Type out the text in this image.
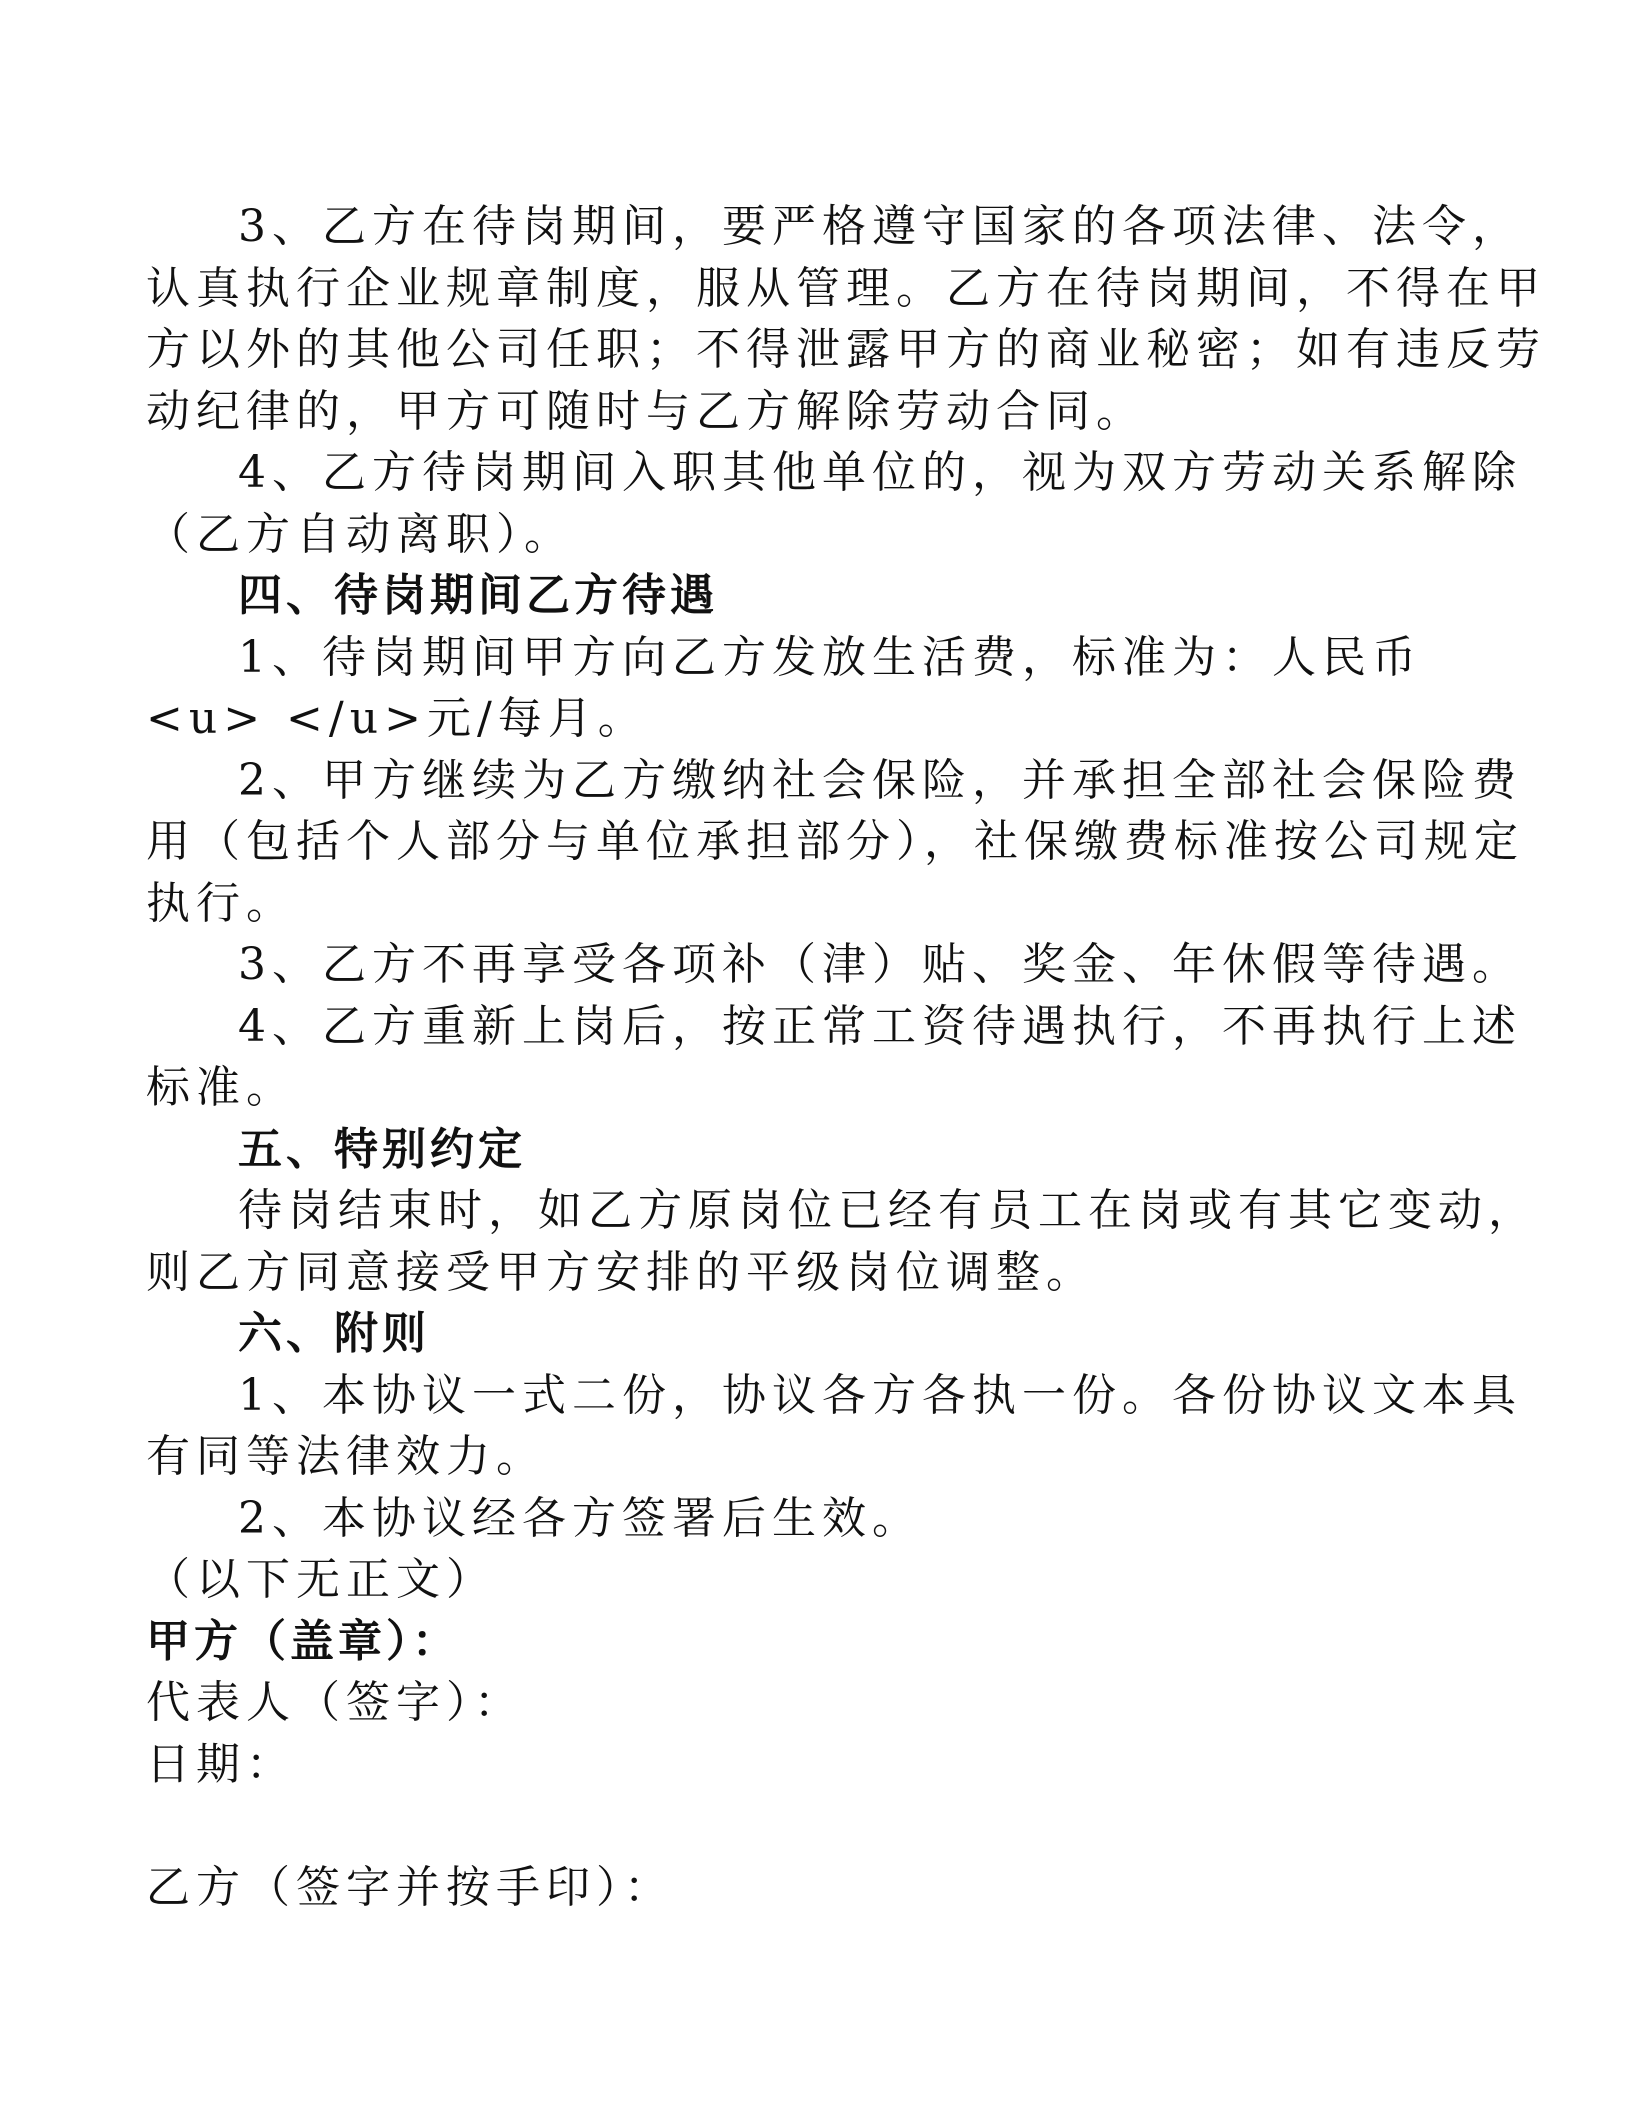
3、乙方在待岗期间，要严格遵守国家的各项法律、法令，
认真执行企业规章制度，服从管理。乙方在待岗期间，不得在甲
方以外的其他公司任职；不得泄露甲方的商业秘密；如有违反劳
动纪律的，甲方可随时与乙方解除劳动合同。
4、乙方待岗期间入职其他单位的，视为双方劳动关系解除
（乙方自动离职）。
四、待岗期间乙方待遇
1、待岗期间甲方向乙方发放生活费，标准为：人民币
<u> </u>元/每月。
2、甲方继续为乙方缴纳社会保险，并承担全部社会保险费
用（包括个人部分与单位承担部分），社保缴费标准按公司规定
执行。
3、乙方不再享受各项补（津）贴、奖金、年休假等待遇。
4、乙方重新上岗后，按正常工资待遇执行，不再执行上述
标准。
五、特别约定
待岗结束时，如乙方原岗位已经有员工在岗或有其它变动，
则乙方同意接受甲方安排的平级岗位调整。
六、附则
1、本协议一式二份，协议各方各执一份。各份协议文本具
有同等法律效力。
2、本协议经各方签署后生效。
（以下无正文）
甲方（盖章）：
代表人（签字）：
日期：
乙方（签字并按手印）：
